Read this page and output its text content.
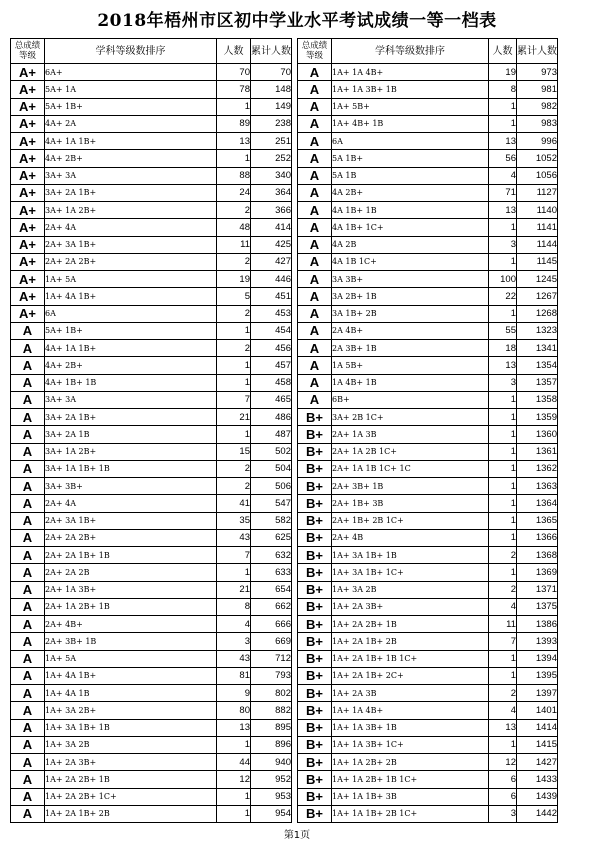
2018年梧州市区初中学业水平考试成绩一等一档表
总成绩
等级	学科等级数排序	人数	累计人数
A+	6A+	70	70
A+	5A+ 1A	78	148
A+	5A+ 1B+	1	149
A+	4A+ 2A	89	238
A+	4A+ 1A 1B+	13	251
A+	4A+ 2B+	1	252
A+	3A+ 3A	88	340
A+	3A+ 2A 1B+	24	364
A+	3A+ 1A 2B+	2	366
A+	2A+ 4A	48	414
A+	2A+ 3A 1B+	11	425
A+	2A+ 2A 2B+	2	427
A+	1A+ 5A	19	446
A+	1A+ 4A 1B+	5	451
A+	6A	2	453
A	5A+ 1B+	1	454
A	4A+ 1A 1B+	2	456
A	4A+ 2B+	1	457
A	4A+ 1B+ 1B	1	458
A	3A+ 3A	7	465
A	3A+ 2A 1B+	21	486
A	3A+ 2A 1B	1	487
A	3A+ 1A 2B+	15	502
A	3A+ 1A 1B+ 1B	2	504
A	3A+ 3B+	2	506
A	2A+ 4A	41	547
A	2A+ 3A 1B+	35	582
A	2A+ 2A 2B+	43	625
A	2A+ 2A 1B+ 1B	7	632
A	2A+ 2A 2B	1	633
A	2A+ 1A 3B+	21	654
A	2A+ 1A 2B+ 1B	8	662
A	2A+ 4B+	4	666
A	2A+ 3B+ 1B	3	669
A	1A+ 5A	43	712
A	1A+ 4A 1B+	81	793
A	1A+ 4A 1B	9	802
A	1A+ 3A 2B+	80	882
A	1A+ 3A 1B+ 1B	13	895
A	1A+ 3A 2B	1	896
A	1A+ 2A 3B+	44	940
A	1A+ 2A 2B+ 1B	12	952
A	1A+ 2A 2B+ 1C+	1	953
A	1A+ 2A 1B+ 2B	1	954
总成绩
等级	学科等级数排序	人数	累计人数
A	1A+ 1A 4B+	19	973
A	1A+ 1A 3B+ 1B	8	981
A	1A+ 5B+	1	982
A	1A+ 4B+ 1B	1	983
A	6A	13	996
A	5A 1B+	56	1052
A	5A 1B	4	1056
A	4A 2B+	71	1127
A	4A 1B+ 1B	13	1140
A	4A 1B+ 1C+	1	1141
A	4A 2B	3	1144
A	4A 1B 1C+	1	1145
A	3A 3B+	100	1245
A	3A 2B+ 1B	22	1267
A	3A 1B+ 2B	1	1268
A	2A 4B+	55	1323
A	2A 3B+ 1B	18	1341
A	1A 5B+	13	1354
A	1A 4B+ 1B	3	1357
A	6B+	1	1358
B+	3A+ 2B 1C+	1	1359
B+	2A+ 1A 3B	1	1360
B+	2A+ 1A 2B 1C+	1	1361
B+	2A+ 1A 1B 1C+ 1C	1	1362
B+	2A+ 3B+ 1B	1	1363
B+	2A+ 1B+ 3B	1	1364
B+	2A+ 1B+ 2B 1C+	1	1365
B+	2A+ 4B	1	1366
B+	1A+ 3A 1B+ 1B	2	1368
B+	1A+ 3A 1B+ 1C+	1	1369
B+	1A+ 3A 2B	2	1371
B+	1A+ 2A 3B+	4	1375
B+	1A+ 2A 2B+ 1B	11	1386
B+	1A+ 2A 1B+ 2B	7	1393
B+	1A+ 2A 1B+ 1B 1C+	1	1394
B+	1A+ 2A 1B+ 2C+	1	1395
B+	1A+ 2A 3B	2	1397
B+	1A+ 1A 4B+	4	1401
B+	1A+ 1A 3B+ 1B	13	1414
B+	1A+ 1A 3B+ 1C+	1	1415
B+	1A+ 1A 2B+ 2B	12	1427
B+	1A+ 1A 2B+ 1B 1C+	6	1433
B+	1A+ 1A 1B+ 3B	6	1439
B+	1A+ 1A 1B+ 2B 1C+	3	1442
第1页
